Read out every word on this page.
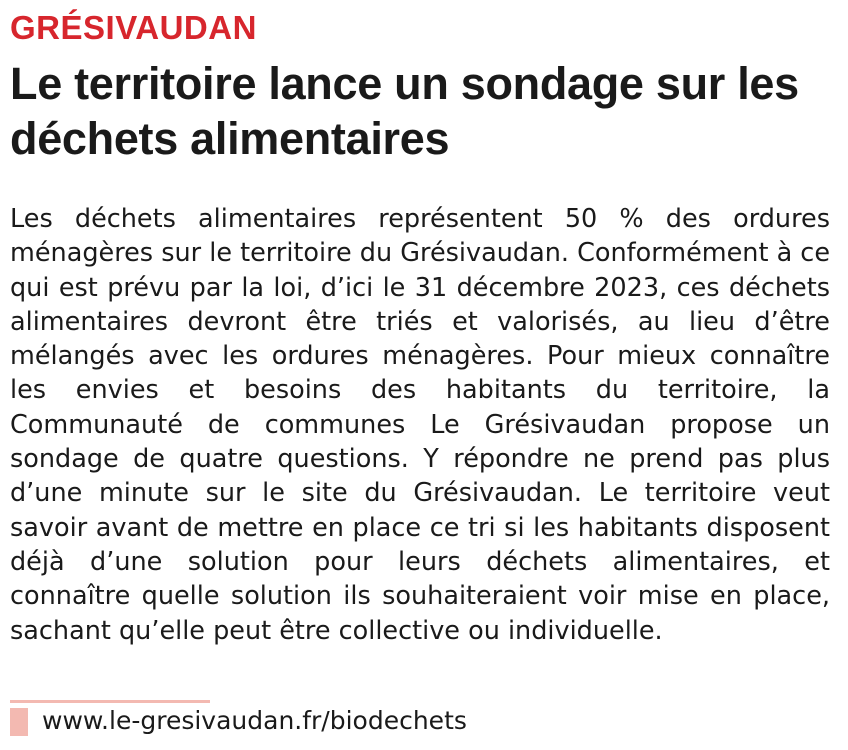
GRÉSIVAUDAN
Le territoire lance un sondage sur les déchets alimentaires

Les déchets alimentaires représentent 50 % des ordures ménagères sur le territoire du Grésivaudan. Conformément à ce qui est prévu par la loi, d’ici le 31 décembre 2023, ces déchets alimentaires devront être triés et valorisés, au lieu d’être mélangés avec les ordures ménagères. Pour mieux connaître les envies et besoins des habitants du territoire, la Communauté de communes Le Grésivaudan propose un sondage de quatre questions. Y répondre ne prend pas plus d’une minute sur le site du Grésivaudan. Le territoire veut savoir avant de mettre en place ce tri si les habitants disposent déjà d’une solution pour leurs déchets alimentaires, et connaître quelle solution ils souhaiteraient voir mise en place, sachant qu’elle peut être collective ou individuelle.

www.le-gresivaudan.fr/biodechets
